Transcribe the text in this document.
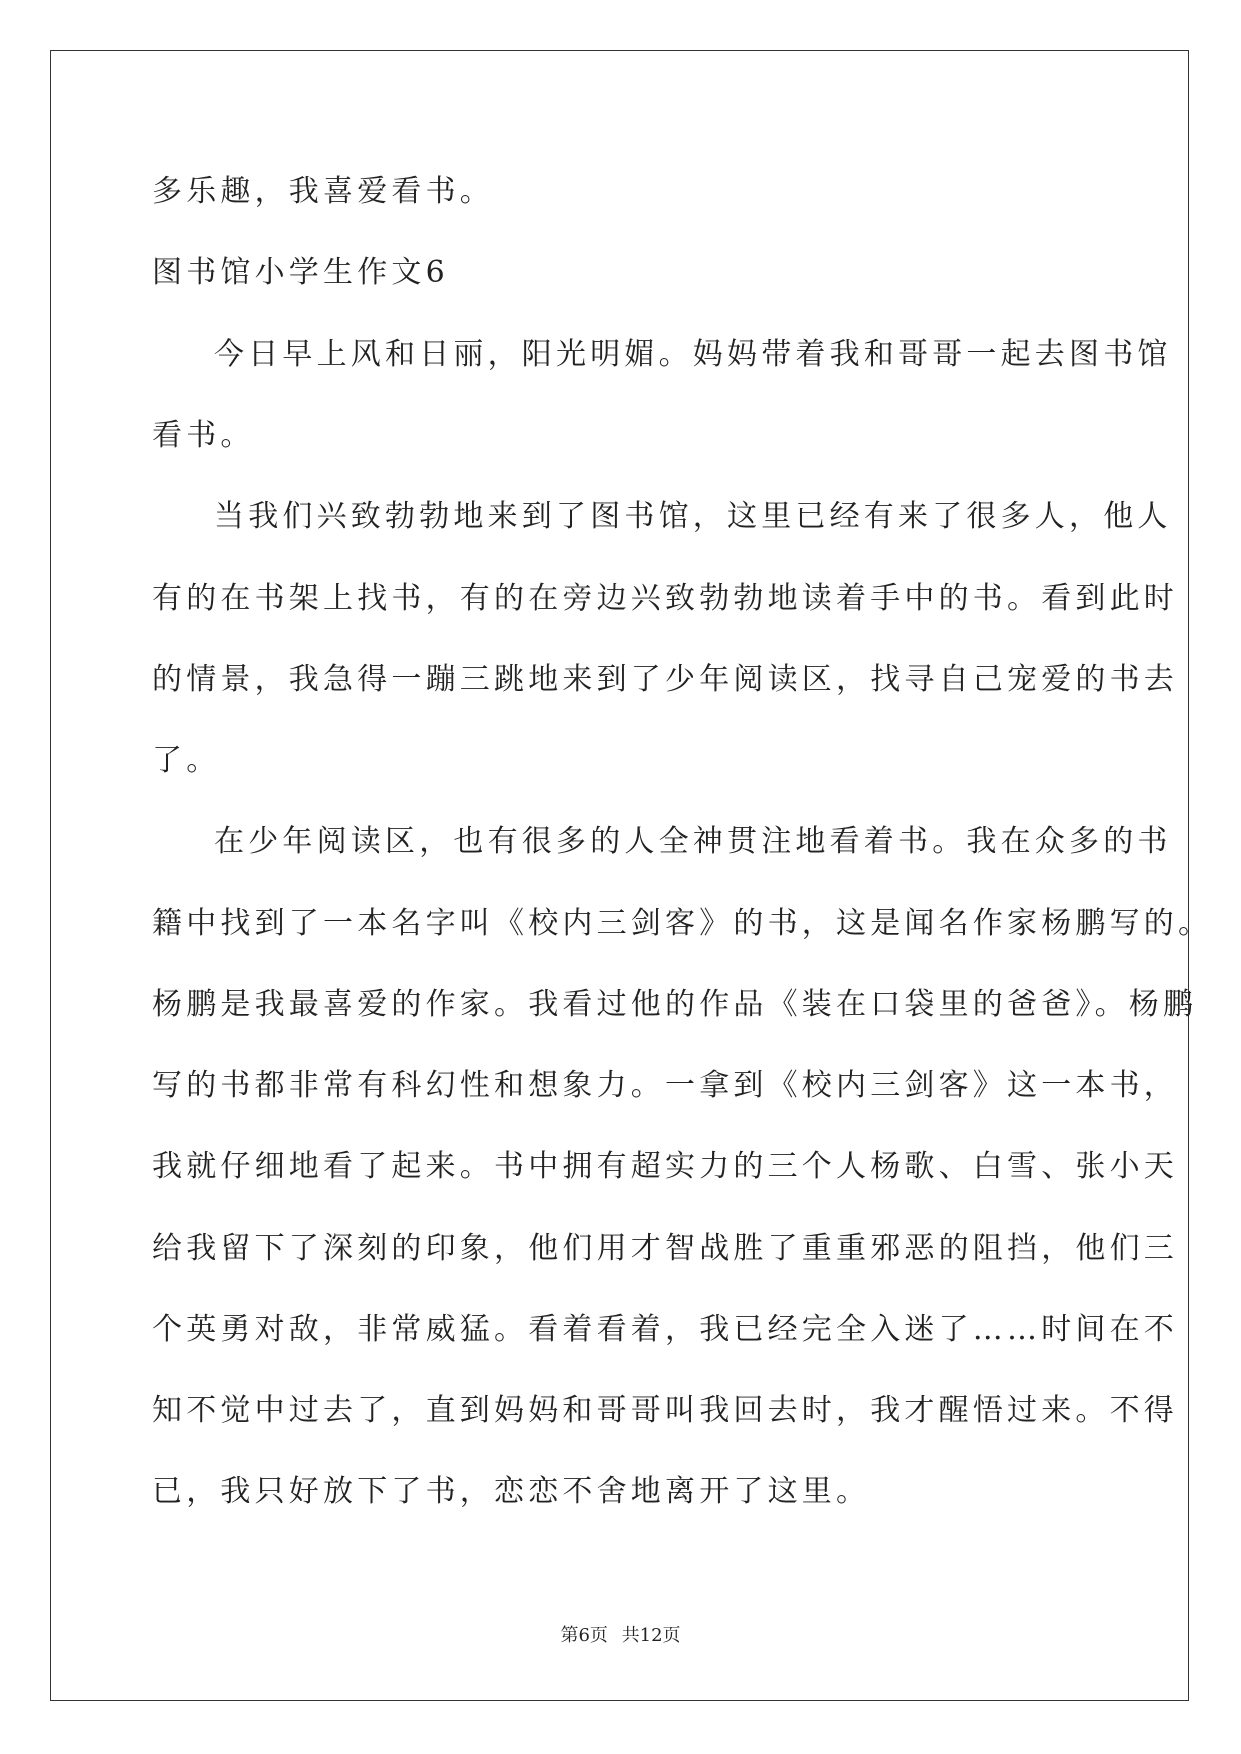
多乐趣，我喜爱看书。

图书馆小学生作文6

今日早上风和日丽，阳光明媚。妈妈带着我和哥哥一起去图书馆

看书。

当我们兴致勃勃地来到了图书馆，这里已经有来了很多人，他人

有的在书架上找书，有的在旁边兴致勃勃地读着手中的书。看到此时

的情景，我急得一蹦三跳地来到了少年阅读区，找寻自己宠爱的书去

了。

在少年阅读区，也有很多的人全神贯注地看着书。我在众多的书

籍中找到了一本名字叫《校内三剑客》的书，这是闻名作家杨鹏写的。

杨鹏是我最喜爱的作家。我看过他的作品《装在口袋里的爸爸》。杨鹏

写的书都非常有科幻性和想象力。一拿到《校内三剑客》这一本书，

我就仔细地看了起来。书中拥有超实力的三个人杨歌、白雪、张小天

给我留下了深刻的印象，他们用才智战胜了重重邪恶的阻挡，他们三

个英勇对敌，非常威猛。看着看着，我已经完全入迷了……时间在不

知不觉中过去了，直到妈妈和哥哥叫我回去时，我才醒悟过来。不得

已，我只好放下了书，恋恋不舍地离开了这里。

第6页 共12页
